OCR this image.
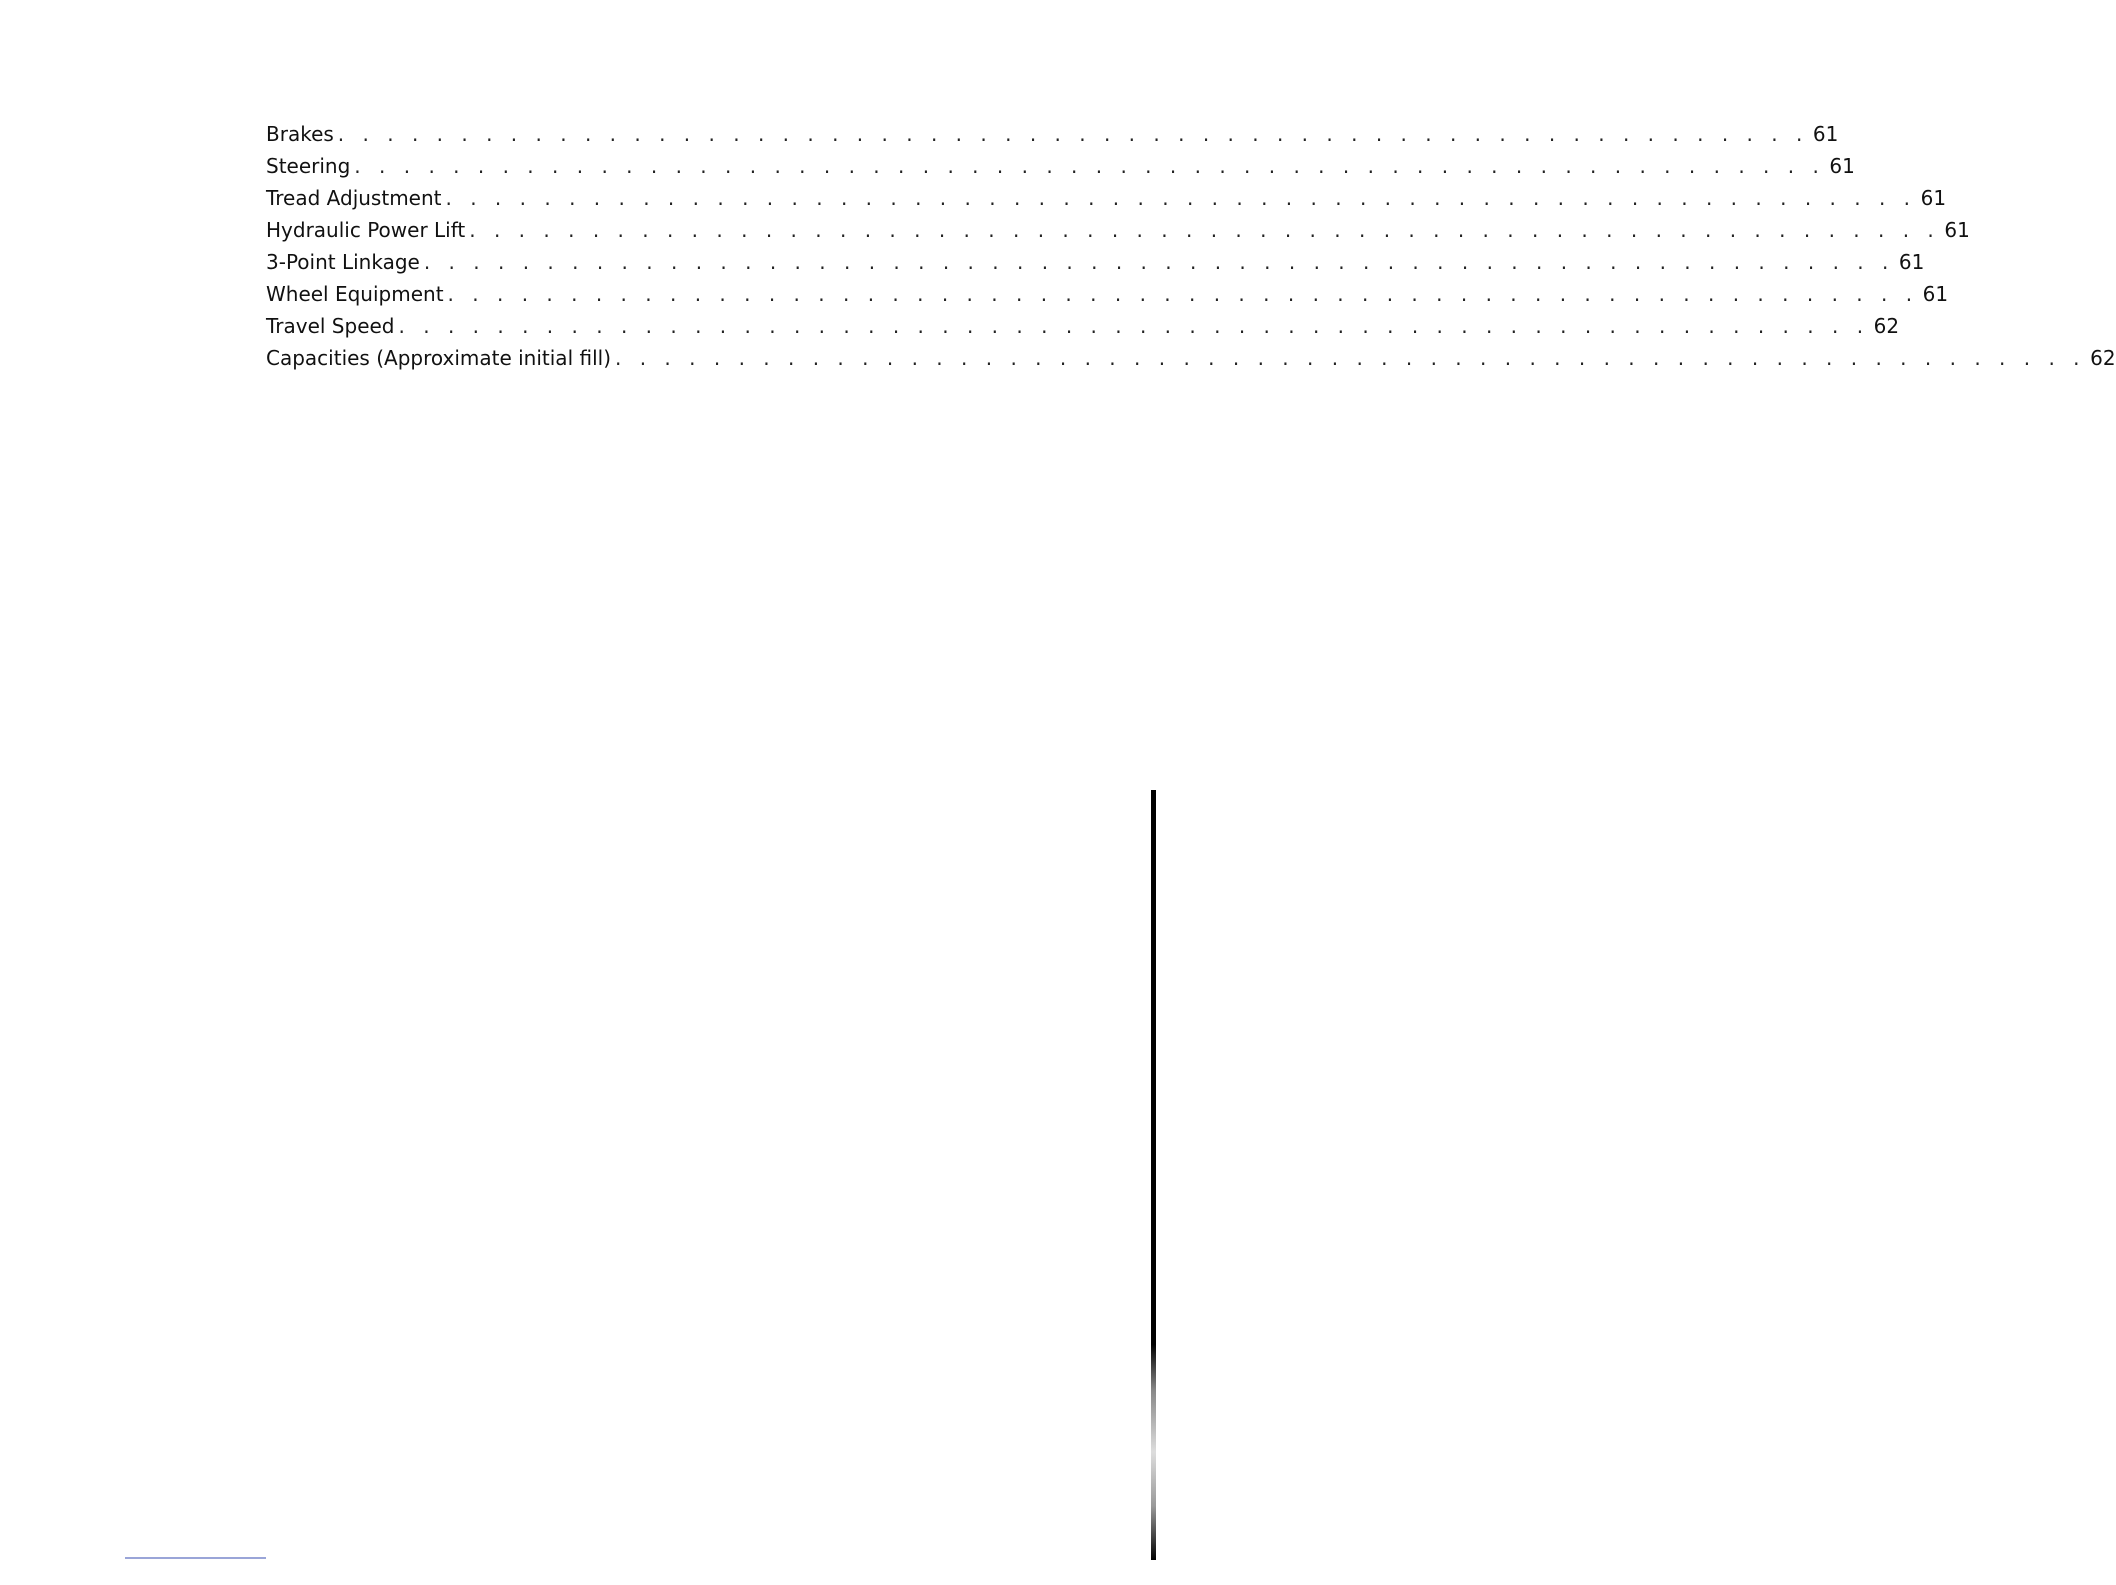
Brakes . . . . . . . . . . . . . . . . . . . . . . . . . . . . . . . . . . . . . . . . . . . . . . . . . . . . . . . . . . . . 61
Steering . . . . . . . . . . . . . . . . . . . . . . . . . . . . . . . . . . . . . . . . . . . . . . . . . . . . . . . . . . . . 61
Tread Adjustment . . . . . . . . . . . . . . . . . . . . . . . . . . . . . . . . . . . . . . . . . . . . . . . . . . . . . . . . . . . . 61
Hydraulic Power Lift . . . . . . . . . . . . . . . . . . . . . . . . . . . . . . . . . . . . . . . . . . . . . . . . . . . . . . . . . . . . 61
3-Point Linkage . . . . . . . . . . . . . . . . . . . . . . . . . . . . . . . . . . . . . . . . . . . . . . . . . . . . . . . . . . . . 61
Wheel Equipment . . . . . . . . . . . . . . . . . . . . . . . . . . . . . . . . . . . . . . . . . . . . . . . . . . . . . . . . . . . . 61
Travel Speed . . . . . . . . . . . . . . . . . . . . . . . . . . . . . . . . . . . . . . . . . . . . . . . . . . . . . . . . . . . . 62
Capacities (Approximate initial fill) . . . . . . . . . . . . . . . . . . . . . . . . . . . . . . . . . . . . . . . . . . . . . . . . . . . . . . . . . . . . 62
